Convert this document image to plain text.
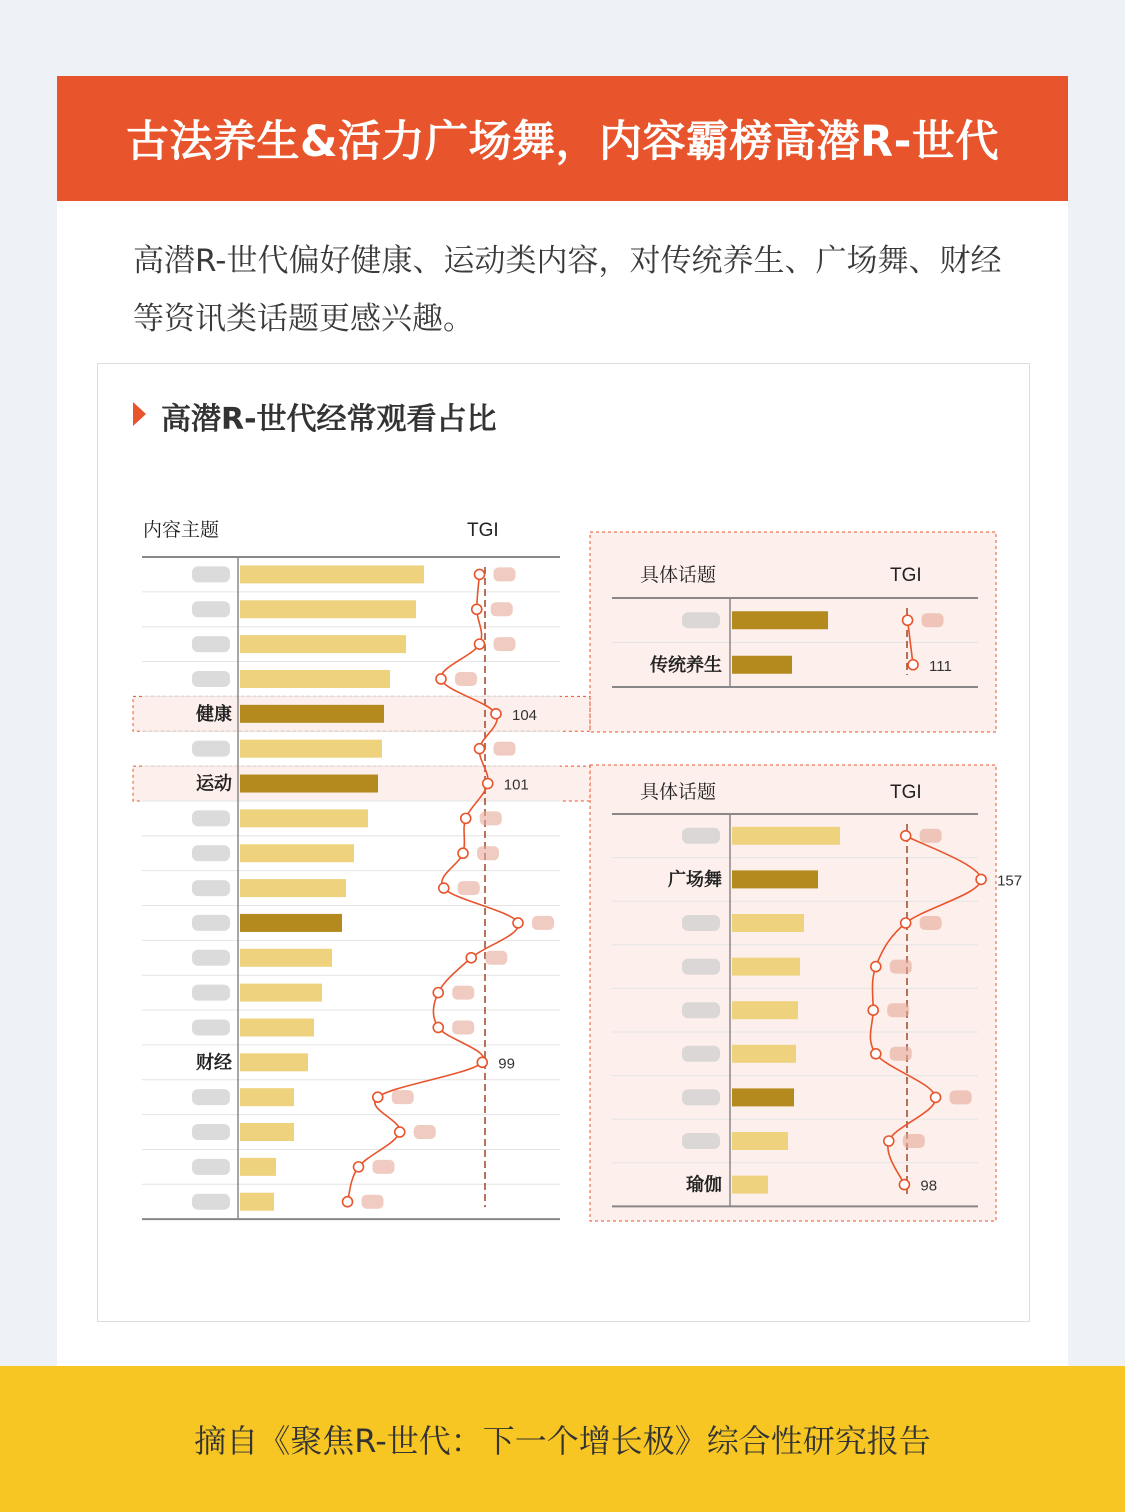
古法养生&活力广场舞，内容霸榜高潜R-世代
高潜R-世代偏好健康、运动类内容，对传统养生、广场舞、财经等资讯类话题更感兴趣。
高潜R-世代经常观看占比
内容主题	TGI
健康	104
运动	101
财经	99
具体话题	TGI
传统养生	111
具体话题	TGI
广场舞	157
瑜伽	98
摘自《聚焦R-世代：下一个增长极》综合性研究报告
